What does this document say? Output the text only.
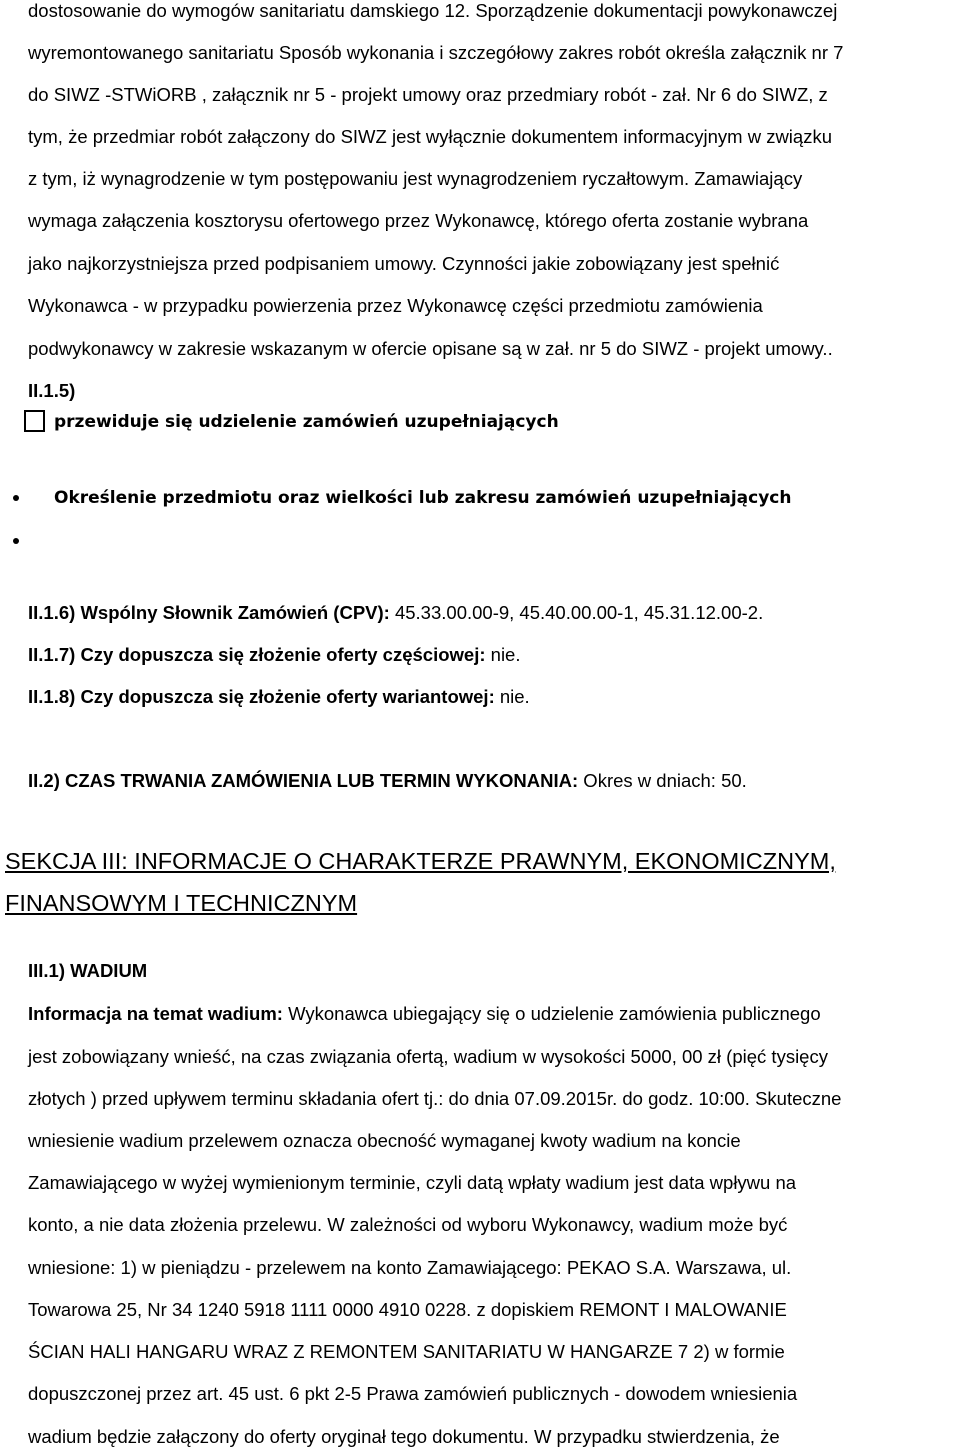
dostosowanie do wymogów sanitariatu damskiego 12. Sporządzenie dokumentacji powykonawczej
wyremontowanego sanitariatu Sposób wykonania i szczegółowy zakres robót określa załącznik nr 7
do SIWZ -STWiORB , załącznik nr 5 - projekt umowy oraz przedmiary robót - zał. Nr 6 do SIWZ, z
tym, że przedmiar robót załączony do SIWZ jest wyłącznie dokumentem informacyjnym w związku
z tym, iż wynagrodzenie w tym postępowaniu jest wynagrodzeniem ryczałtowym. Zamawiający
wymaga załączenia kosztorysu ofertowego przez Wykonawcę, którego oferta zostanie wybrana
jako najkorzystniejsza przed podpisaniem umowy. Czynności jakie zobowiązany jest spełnić
Wykonawca - w przypadku powierzenia przez Wykonawcę części przedmiotu zamówienia
podwykonawcy w zakresie wskazanym w ofercie opisane są w zał. nr 5 do SIWZ - projekt umowy..
II.1.5)
przewiduje się udzielenie zamówień uzupełniających
Określenie przedmiotu oraz wielkości lub zakresu zamówień uzupełniających
II.1.6) Wspólny Słownik Zamówień (CPV): 45.33.00.00-9, 45.40.00.00-1, 45.31.12.00-2.
II.1.7) Czy dopuszcza się złożenie oferty częściowej: nie.
II.1.8) Czy dopuszcza się złożenie oferty wariantowej: nie.
II.2) CZAS TRWANIA ZAMÓWIENIA LUB TERMIN WYKONANIA: Okres w dniach: 50.
SEKCJA III: INFORMACJE O CHARAKTERZE PRAWNYM, EKONOMICZNYM,
FINANSOWYM I TECHNICZNYM
III.1) WADIUM
Informacja na temat wadium: Wykonawca ubiegający się o udzielenie zamówienia publicznego
jest zobowiązany wnieść, na czas związania ofertą, wadium w wysokości 5000, 00 zł (pięć tysięcy
złotych ) przed upływem terminu składania ofert tj.: do dnia 07.09.2015r. do godz. 10:00. Skuteczne
wniesienie wadium przelewem oznacza obecność wymaganej kwoty wadium na koncie
Zamawiającego w wyżej wymienionym terminie, czyli datą wpłaty wadium jest data wpływu na
konto, a nie data złożenia przelewu. W zależności od wyboru Wykonawcy, wadium może być
wniesione: 1) w pieniądzu - przelewem na konto Zamawiającego: PEKAO S.A. Warszawa, ul.
Towarowa 25, Nr 34 1240 5918 1111 0000 4910 0228. z dopiskiem REMONT I MALOWANIE
ŚCIAN HALI HANGARU WRAZ Z REMONTEM SANITARIATU W HANGARZE 7 2) w formie
dopuszczonej przez art. 45 ust. 6 pkt 2-5 Prawa zamówień publicznych - dowodem wniesienia
wadium będzie załączony do oferty oryginał tego dokumentu. W przypadku stwierdzenia, że
